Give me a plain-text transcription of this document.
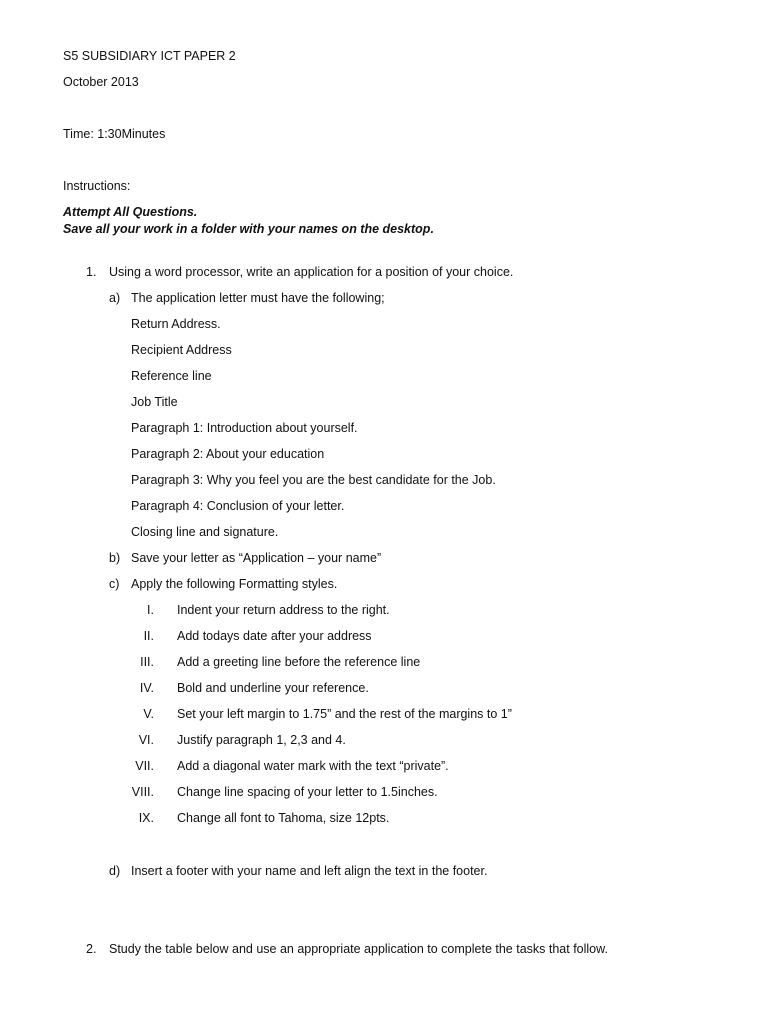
S5 SUBSIDIARY ICT PAPER 2
October 2013
Time: 1:30Minutes
Instructions:
Attempt All Questions.
Save all your work in a folder with your names on the desktop.
1. Using a word processor, write an application for a position of your choice.
a) The application letter must have the following;
Return Address.
Recipient Address
Reference line
Job Title
Paragraph 1: Introduction about yourself.
Paragraph 2: About your education
Paragraph 3: Why you feel you are the best candidate for the Job.
Paragraph 4: Conclusion of your letter.
Closing line and signature.
b) Save your letter as “Application – your name”
c) Apply the following Formatting styles.
I. Indent your return address to the right.
II. Add todays date after your address
III. Add a greeting line before the reference line
IV. Bold and underline your reference.
V. Set your left margin to 1.75” and the rest of the margins to 1”
VI. Justify paragraph 1, 2,3 and 4.
VII. Add a diagonal water mark with the text “private”.
VIII. Change line spacing of your letter to 1.5inches.
IX. Change all font to Tahoma, size 12pts.
d) Insert a footer with your name and left align the text in the footer.
2. Study the table below and use an appropriate application to complete the tasks that follow.
